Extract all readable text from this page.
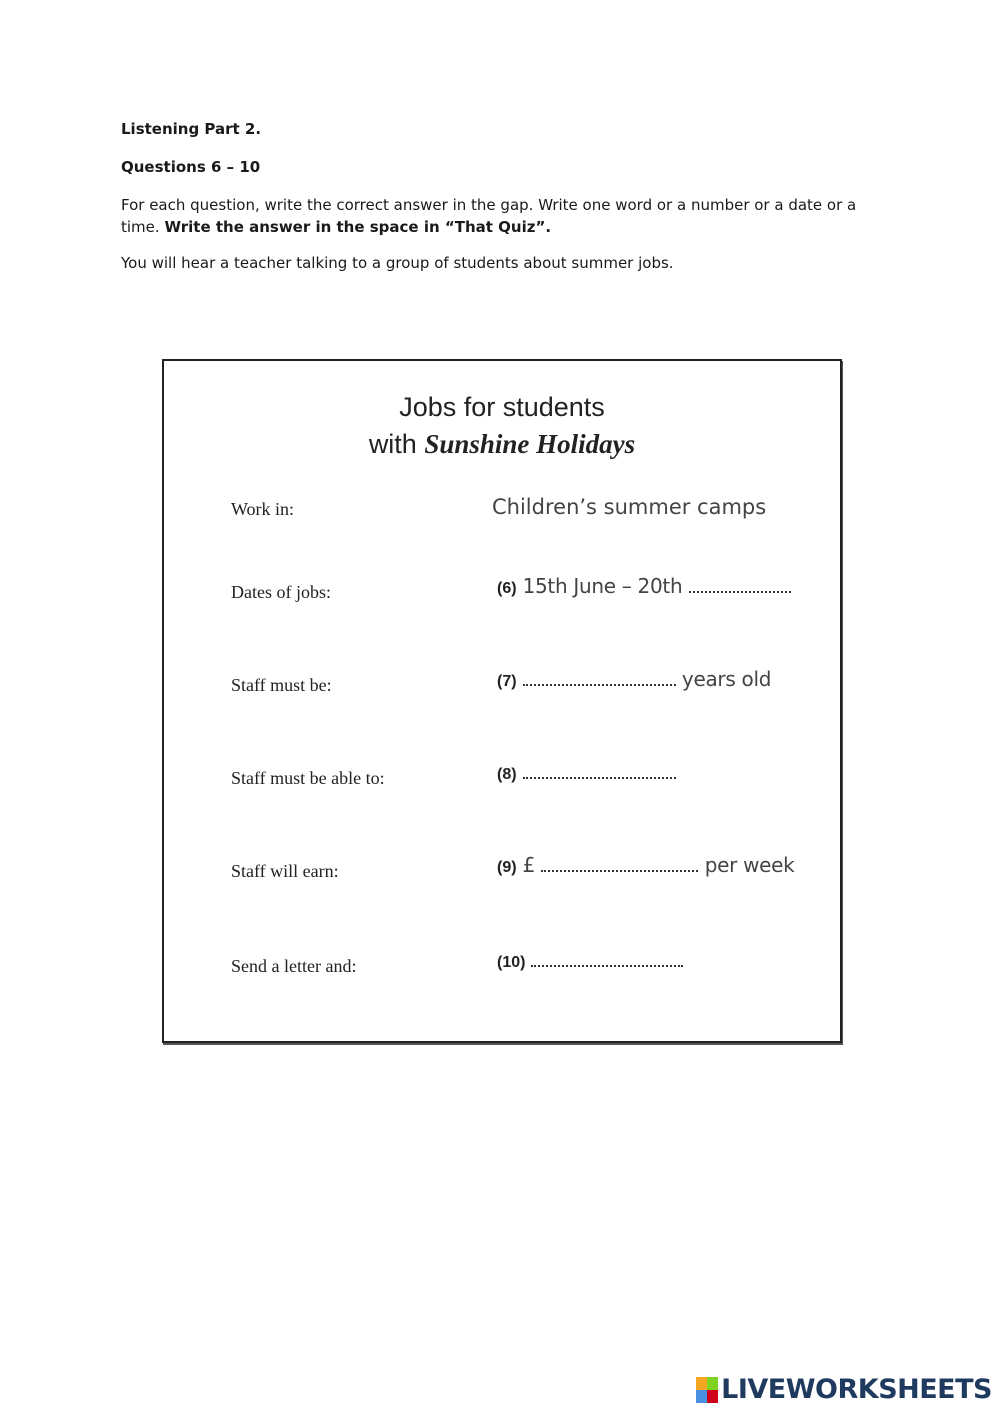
Listening Part 2.

Questions 6 – 10

For each question, write the correct answer in the gap. Write one word or a number or a date or a time. Write the answer in the space in “That Quiz”.

You will hear a teacher talking to a group of students about summer jobs.

Jobs for students
with Sunshine Holidays
Work in:	Children’s summer camps
Dates of jobs:	(6) 15th June – 20th
Staff must be:	(7)	years old
Staff must be able to:	(8)
Staff will earn:	(9) £	per week
Send a letter and:	(10)
LIVEWORKSHEETS
